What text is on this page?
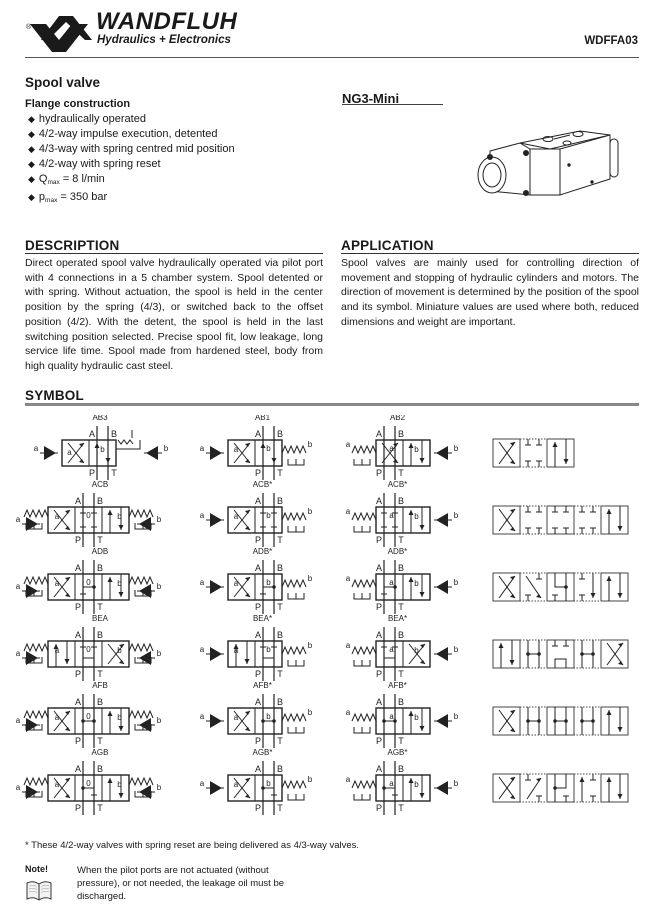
®	WANDFLUH
Hydraulics + Electronics	WDFFA03
Spool valve
Flange construction
◆ hydraulically operated
◆ 4/2-way impulse execution, detented
◆ 4/3-way with spring centred mid position
◆ 4/2-way with spring reset
◆ $Q_{max} = 8$ l/min
◆ $p_{max} = 350$ bar
NG3-Mini
DESCRIPTION
Direct operated spool valve hydraulically operated via pilot port with 4 connections in a 5 chamber system. Spool detented or with spring. Without actuation, the spool is held in the center position by the spring (4/3), or switched back to the offset position (4/2). With the detent, the spool is held in the last switching position selected. Precise spool fit, low leakage, long service life time. Spool made from hardened steel, body from high quality hydraulic cast steel.
APPLICATION
Spool valves are mainly used for controlling direction of movement and stopping of hydraulic cylinders and motors. The direction of movement is determined by the position of the spool and its symbol. Miniature values are used where both, reduced dimensions and weight are important.
SYMBOL
AB3
a	b
A B
P T
a	b
AB1
a	b
A B
P T
a	b
AB2
a	b
A B
P T
a	b
ACB
a	0	b
A B
P T
a	b
ACB*
a	b
A B
P T
a	b
ACB*
a	b
A B
P T
a	b
ADB
a	0	b
A B
P T
a	b
ADB*
a	b
A B
P T
a	b
ADB*
a	b
A B
P T
a	b
BEA
a	0	b
A B
P T
a	b
BEA*
a	b
A B
P T
a	b
BEA*
a	b
A B
P T
a	b
AFB
a	0	b
A B
P T
a	b
AFB*
a	b
A B
P T
a	b
AFB*
a	b
A B
P T
a	b
AGB
a	0	b
A B
P T
a	b
AGB*
a	b
A B
P T
a	b
AGB*
a	b
A B
P T
a	b
* These 4/2-way valves with spring reset are being delivered as 4/3-way valves.
Note!	When the pilot ports are not actuated (without pressure), or not needed, the leakage oil must be discharged.
